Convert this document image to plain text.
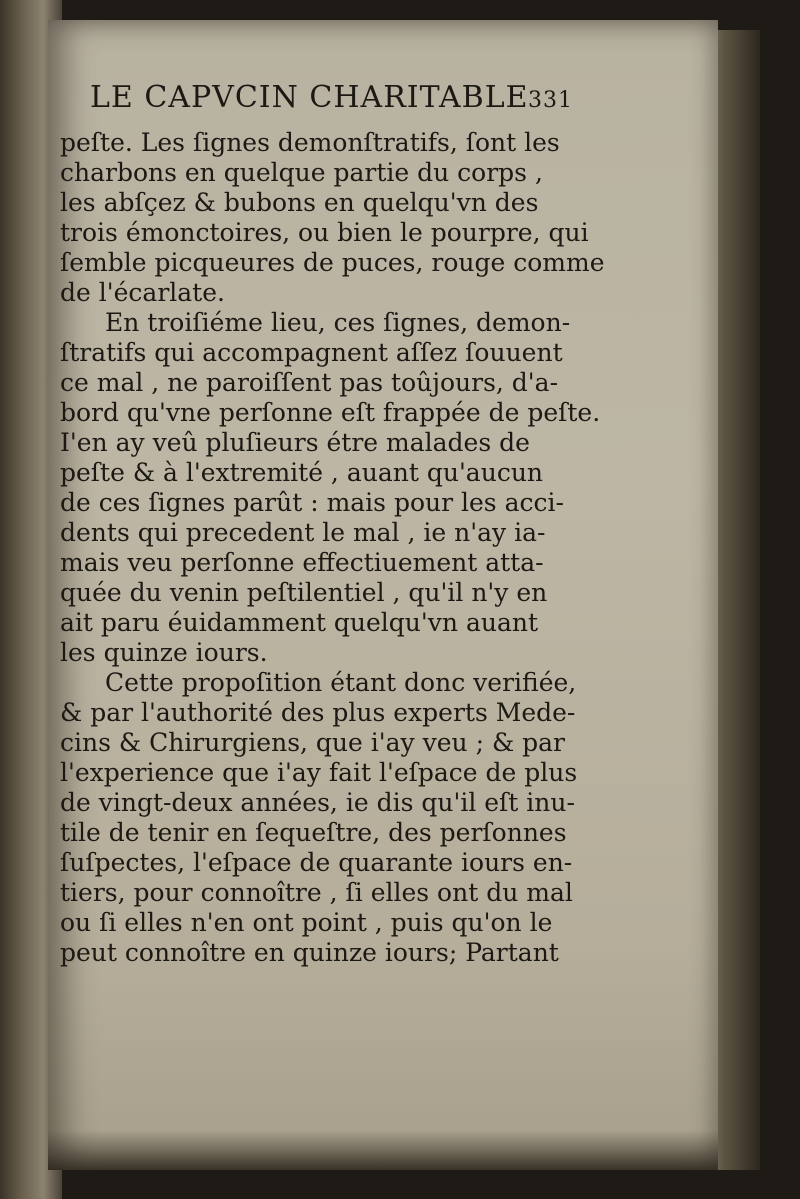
LE CAPVCIN CHARITABLE 331
peſte. Les ſignes demonſtratifs, ſont les
charbons en quelque partie du corps ,
les abſçez & bubons en quelqu'vn des
trois émonctoires, ou bien le pourpre, qui
ſemble picqueures de puces, rouge comme
de l'écarlate.
En troiſiéme lieu, ces ſignes, demon-
ſtratifs qui accompagnent aſſez ſouuent
ce mal , ne paroiſſent pas toûjours, d'a-
bord qu'vne perſonne eſt frappée de peſte.
I'en ay veû pluſieurs étre malades de
peſte & à l'extremité , auant qu'aucun
de ces ſignes parût : mais pour les acci-
dents qui precedent le mal , ie n'ay ia-
mais veu perſonne effectiuement atta-
quée du venin peſtilentiel , qu'il n'y en
ait paru éuidamment quelqu'vn auant
les quinze iours.
Cette propoſition étant donc verifiée,
& par l'authorité des plus experts Mede-
cins & Chirurgiens, que i'ay veu ; & par
l'experience que i'ay fait l'eſpace de plus
de vingt-deux années, ie dis qu'il eſt inu-
tile de tenir en ſequeſtre, des perſonnes
ſuſpectes, l'eſpace de quarante iours en-
tiers, pour connoître , ſi elles ont du mal
ou ſi elles n'en ont point , puis qu'on le
peut connoître en quinze iours; Partant
